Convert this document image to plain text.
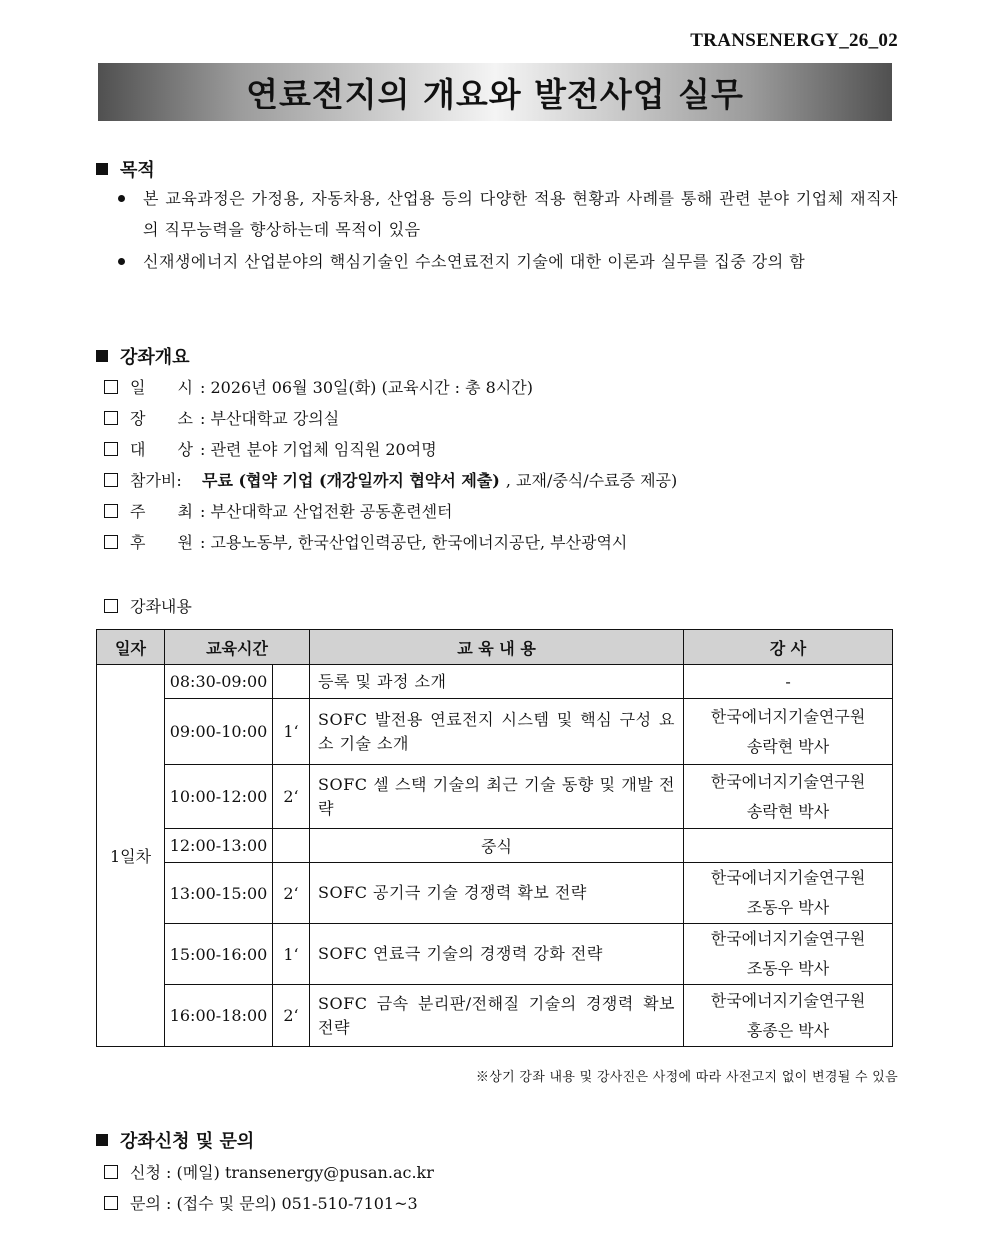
TRANSENERGY_26_02
연료전지의 개요와 발전사업 실무
목적
본 교육과정은 가정용, 자동차용, 산업용 등의 다양한 적용 현황과 사례를 통해 관련 분야 기업체 재직자의 직무능력을 향상하는데 목적이 있음
신재생에너지 산업분야의 핵심기술인 수소연료전지 기술에 대한 이론과 실무를 집중 강의 함
강좌개요
일　　시 : 2026년 06월 30일(화) (교육시간 : 총 8시간)
장　　소 : 부산대학교 강의실
대　　상 : 관련 분야 기업체 임직원 20여명
참가비:	무료 (협약 기업 (개강일까지 협약서 제출) , 교재/중식/수료증 제공)
주　　최 : 부산대학교 산업전환 공동훈련센터
후　　원 : 고용노동부, 한국산업인력공단, 한국에너지공단, 부산광역시
강좌내용
일자	교육시간		교 육 내 용	강 사
1일차	08:30-09:00		등록 및 과정 소개	-
	09:00-10:00	1‘	SOFC 발전용 연료전지 시스템 및 핵심 구성 요소 기술 소개	한국에너지기술연구원
송락현 박사

	10:00-12:00	2‘	SOFC 셀 스택 기술의 최근 기술 동향 및 개발 전략	한국에너지기술연구원
송락현 박사

	12:00-13:00		중식	
	13:00-15:00	2‘	SOFC 공기극 기술 경쟁력 확보 전략	한국에너지기술연구원
조동우 박사

	15:00-16:00	1‘	SOFC 연료극 기술의 경쟁력 강화 전략	한국에너지기술연구원
조동우 박사

	16:00-18:00	2‘	SOFC 금속 분리판/전해질 기술의 경쟁력 확보 전략	한국에너지기술연구원
홍종은 박사
※상기 강좌 내용 및 강사진은 사정에 따라 사전고지 없이 변경될 수 있음
강좌신청 및 문의
신청 : (메일) transenergy@pusan.ac.kr
문의 : (접수 및 문의) 051-510-7101~3
